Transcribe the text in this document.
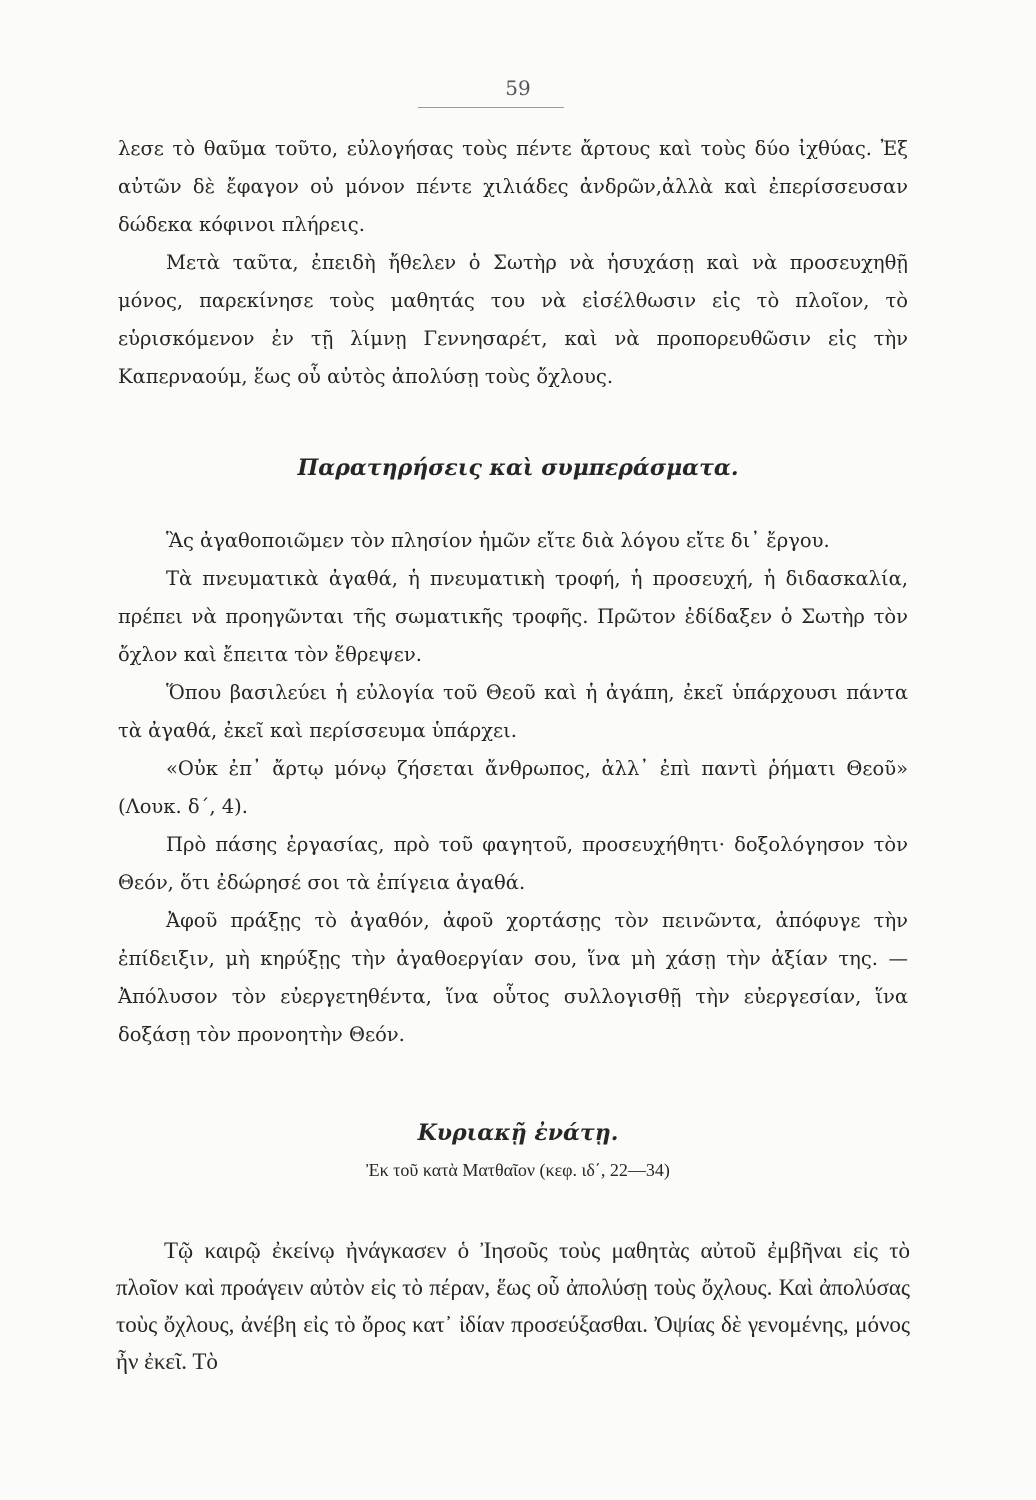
59

λεσε τὸ θαῦμα τοῦτο, εὐλογήσας τοὺς πέντε ἄρτους καὶ τοὺς δύο ἰχθύας. Ἐξ αὐτῶν δὲ ἔφαγον οὐ μόνον πέντε χιλιάδες ἀνδρῶν,ἀλλὰ καὶ ἐπερίσσευσαν δώδεκα κόφινοι πλήρεις.

Μετὰ ταῦτα, ἐπειδὴ ἤθελεν ὁ Σωτὴρ νὰ ἡσυχάσῃ καὶ νὰ προσευχηθῇ μόνος, παρεκίνησε τοὺς μαθητάς του νὰ εἰσέλθωσιν εἰς τὸ πλοῖον, τὸ εὑρισκόμενον ἐν τῇ λίμνῃ Γεννησαρέτ, καὶ νὰ προπορευθῶσιν εἰς τὴν Καπερναούμ, ἕως οὗ αὐτὸς ἀπολύσῃ τοὺς ὄχλους.

Παρατηρήσεις καὶ συμπεράσματα.

Ἃς ἀγαθοποιῶμεν τὸν πλησίον ἡμῶν εἴτε διὰ λόγου εἴτε δι᾽ ἔργου.

Τὰ πνευματικὰ ἀγαθά, ἡ πνευματικὴ τροφή, ἡ προσευχή, ἡ διδασκαλία, πρέπει νὰ προηγῶνται τῆς σωματικῆς τροφῆς. Πρῶτον ἐδίδαξεν ὁ Σωτὴρ τὸν ὄχλον καὶ ἔπειτα τὸν ἔθρεψεν.

Ὅπου βασιλεύει ἡ εὐλογία τοῦ Θεοῦ καὶ ἡ ἀγάπη, ἐκεῖ ὑπάρχουσι πάντα τὰ ἀγαθά, ἐκεῖ καὶ περίσσευμα ὑπάρχει.

«Οὐκ ἐπ᾽ ἄρτῳ μόνῳ ζήσεται ἄνθρωπος, ἀλλ᾽ ἐπὶ παντὶ ῥήματι Θεοῦ» (Λουκ. δ΄, 4).

Πρὸ πάσης ἐργασίας, πρὸ τοῦ φαγητοῦ, προσευχήθητι· δοξολόγησον τὸν Θεόν, ὅτι ἐδώρησέ σοι τὰ ἐπίγεια ἀγαθά.

Ἀφοῦ πράξῃς τὸ ἀγαθόν, ἀφοῦ χορτάσῃς τὸν πεινῶντα, ἀπόφυγε τὴν ἐπίδειξιν, μὴ κηρύξῃς τὴν ἀγαθοεργίαν σου, ἵνα μὴ χάσῃ τὴν ἀξίαν της. —Ἀπόλυσον τὸν εὐεργετηθέντα, ἵνα οὗτος συλλογισθῇ τὴν εὐεργεσίαν, ἵνα δοξάσῃ τὸν προνοητὴν Θεόν.

Κυριακῇ ἐνάτῃ.
Ἐκ τοῦ κατὰ Ματθαῖον (κεφ. ιδ΄, 22—34)

Τῷ καιρῷ ἐκείνῳ ἠνάγκασεν ὁ Ἰησοῦς τοὺς μαθητὰς αὐτοῦ ἐμβῆναι εἰς τὸ πλοῖον καὶ προάγειν αὐτὸν εἰς τὸ πέραν, ἕως οὗ ἀπολύσῃ τοὺς ὄχλους. Καὶ ἀπολύσας τοὺς ὄχλους, ἀνέβη εἰς τὸ ὄρος κατ᾽ ἰδίαν προσεύξασθαι. Ὀψίας δὲ γενομένης, μόνος ἦν ἐκεῖ. Τὸ
